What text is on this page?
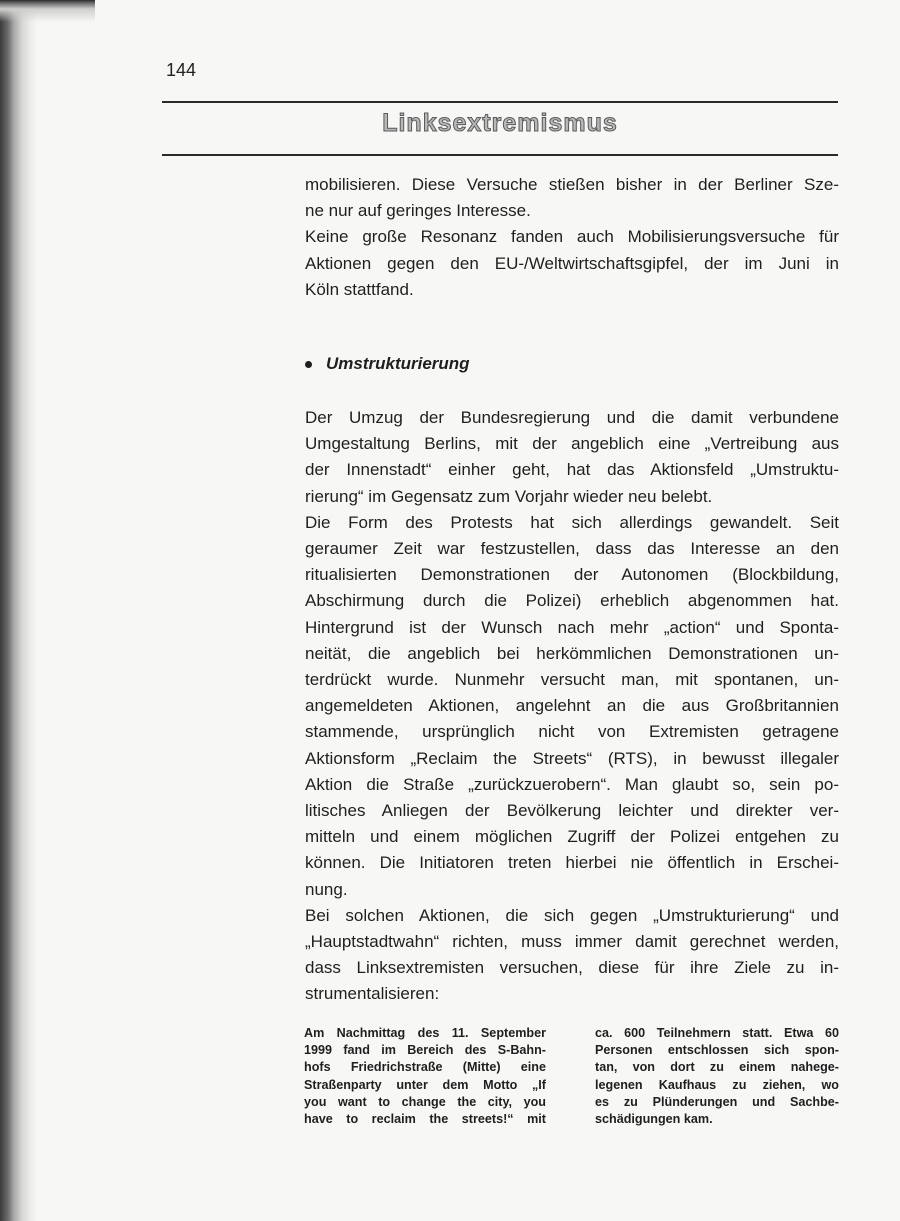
144
Linksextremismus

mobilisieren. Diese Versuche stießen bisher in der Berliner Sze-

ne nur auf geringes Interesse.

Keine große Resonanz fanden auch Mobilisierungsversuche für

Aktionen gegen den EU-/Weltwirtschaftsgipfel, der im Juni in

Köln stattfand.

Umstrukturierung

Der Umzug der Bundesregierung und die damit verbundene

Umgestaltung Berlins, mit der angeblich eine „Vertreibung aus

der Innenstadt“ einher geht, hat das Aktionsfeld „Umstruktu-

rierung“ im Gegensatz zum Vorjahr wieder neu belebt.

Die Form des Protests hat sich allerdings gewandelt. Seit

geraumer Zeit war festzustellen, dass das Interesse an den

ritualisierten Demonstrationen der Autonomen (Blockbildung,

Abschirmung durch die Polizei) erheblich abgenommen hat.

Hintergrund ist der Wunsch nach mehr „action“ und Sponta-

neität, die angeblich bei herkömmlichen Demonstrationen un-

terdrückt wurde. Nunmehr versucht man, mit spontanen, un-

angemeldeten Aktionen, angelehnt an die aus Großbritannien

stammende, ursprünglich nicht von Extremisten getragene

Aktionsform „Reclaim the Streets“ (RTS), in bewusst illegaler

Aktion die Straße „zurückzuerobern“. Man glaubt so, sein po-

litisches Anliegen der Bevölkerung leichter und direkter ver-

mitteln und einem möglichen Zugriff der Polizei entgehen zu

können. Die Initiatoren treten hierbei nie öffentlich in Erschei-

nung.

Bei solchen Aktionen, die sich gegen „Umstrukturierung“ und

„Hauptstadtwahn“ richten, muss immer damit gerechnet werden,

dass Linksextremisten versuchen, diese für ihre Ziele zu in-

strumentalisieren:

Am Nachmittag des 11. September
1999 fand im Bereich des S-Bahn-
hofs Friedrichstraße (Mitte) eine
Straßenparty unter dem Motto „If
you want to change the city, you
have to reclaim the streets!“ mit
ca. 600 Teilnehmern statt. Etwa 60
Personen entschlossen sich spon-
tan, von dort zu einem nahege-
legenen Kaufhaus zu ziehen, wo
es zu Plünderungen und Sachbe-
schädigungen kam.
